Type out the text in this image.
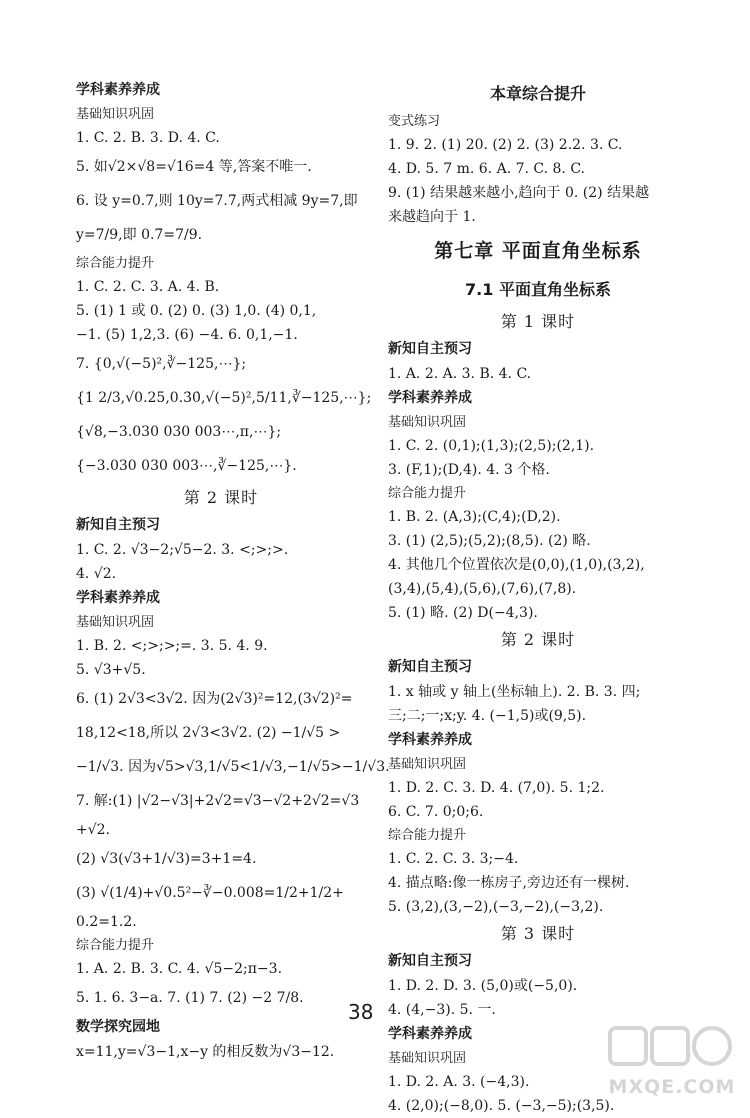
学科素养养成
基础知识巩固
1. C. 2. B. 3. D. 4. C.
5. 如√2×√8=√16=4 等,答案不唯一.
6. 设 y=0.7̇,则 10y=7.7̇,两式相减 9y=7,即
y=7/9,即 0.7̇=7/9.
综合能力提升
1. C. 2. C. 3. A. 4. B.
5. (1) 1 或 0. (2) 0. (3) 1,0. (4) 0,1,
−1. (5) 1,2,3. (6) −4. 6. 0,1,−1.
7. {0,√(−5)²,∛−125,⋯};
{1 2/3,√0.25,0.3̇0̇,√(−5)²,5/11,∛−125,⋯};
{√8,−3.030 030 003⋯,π,⋯};
{−3.030 030 003⋯,∛−125,⋯}.
第 2 课时
新知自主预习
1. C. 2. √3−2;√5−2. 3. <;>;>.
4. √2.
学科素养养成
基础知识巩固
1. B. 2. <;>;>;=. 3. 5. 4. 9.
5. √3+√5.
6. (1) 2√3<3√2. 因为(2√3)²=12,(3√2)²=
18,12<18,所以 2√3<3√2. (2) −1/√5 >
−1/√3. 因为√5>√3,1/√5<1/√3,−1/√5>−1/√3.
7. 解:(1) |√2−√3|+2√2=√3−√2+2√2=√3
+√2.
(2) √3(√3+1/√3)=3+1=4.
(3) √(1/4)+√0.5²−∛−0.008=1/2+1/2+
0.2=1.2.
综合能力提升
1. A. 2. B. 3. C. 4. √5−2;π−3.
5. 1. 6. 3−a. 7. (1) 7. (2) −2 7/8.
数学探究园地
x=11,y=√3−1,x−y 的相反数为√3−12.
本章综合提升
变式练习
1. 9. 2. (1) 20. (2) 2. (3) 2.2. 3. C.
4. D. 5. 7 m. 6. A. 7. C. 8. C.
9. (1) 结果越来越小,趋向于 0. (2) 结果越
来越趋向于 1.
第七章 平面直角坐标系
7.1 平面直角坐标系
第 1 课时
新知自主预习
1. A. 2. A. 3. B. 4. C.
学科素养养成
基础知识巩固
1. C. 2. (0,1);(1,3);(2,5);(2,1).
3. (F,1);(D,4). 4. 3 个格.
综合能力提升
1. B. 2. (A,3);(C,4);(D,2).
3. (1) (2,5);(5,2);(8,5). (2) 略.
4. 其他几个位置依次是(0,0),(1,0),(3,2),
(3,4),(5,4),(5,6),(7,6),(7,8).
5. (1) 略. (2) D(−4,3).
第 2 课时
新知自主预习
1. x 轴或 y 轴上(坐标轴上). 2. B. 3. 四;
三;二;一;x;y. 4. (−1,5)或(9,5).
学科素养养成
基础知识巩固
1. D. 2. C. 3. D. 4. (7,0). 5. 1;2.
6. C. 7. 0;0;6.
综合能力提升
1. C. 2. C. 3. 3;−4.
4. 描点略:像一栋房子,旁边还有一棵树.
5. (3,2),(3,−2),(−3,−2),(−3,2).
第 3 课时
新知自主预习
1. D. 2. D. 3. (5,0)或(−5,0).
4. (4,−3). 5. 一.
学科素养养成
基础知识巩固
1. D. 2. A. 3. (−4,3).
4. (2,0);(−8,0). 5. (−3,−5);(3,5).
38
MXQE.COM
